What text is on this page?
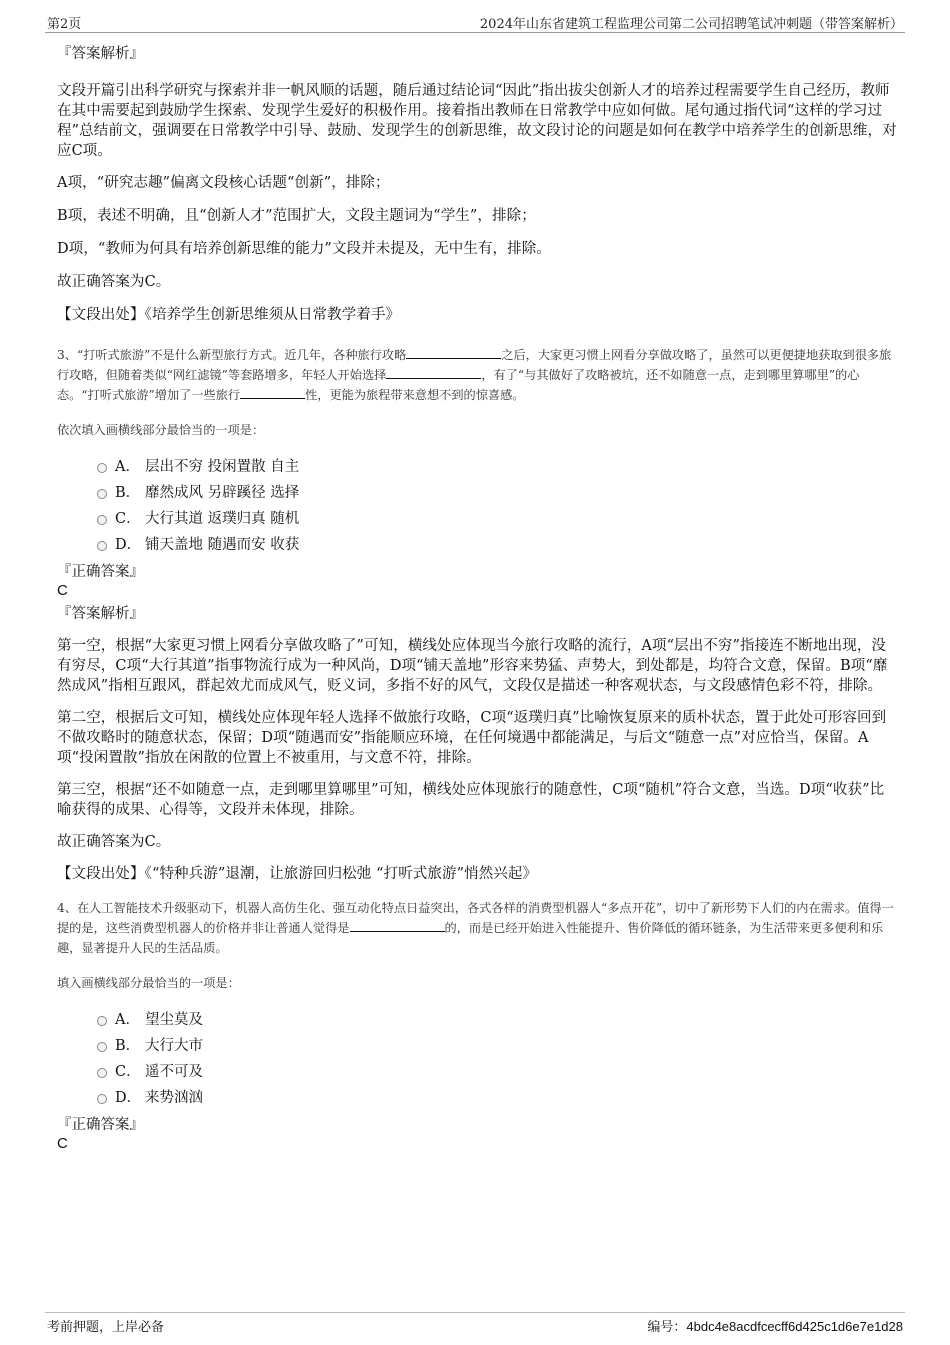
第2页	2024年山东省建筑工程监理公司第二公司招聘笔试冲刺题（带答案解析）

『答案解析』

文段开篇引出科学研究与探索并非一帆风顺的话题，随后通过结论词“因此”指出拔尖创新人才的培养过程需要学生自己经历，教师在其中需要起到鼓励学生探索、发现学生爱好的积极作用。接着指出教师在日常教学中应如何做。尾句通过指代词“这样的学习过程”总结前文，强调要在日常教学中引导、鼓励、发现学生的创新思维，故文段讨论的问题是如何在教学中培养学生的创新思维，对应C项。

A项，“研究志趣”偏离文段核心话题“创新”，排除；

B项，表述不明确，且“创新人才”范围扩大，文段主题词为“学生”，排除；

D项，“教师为何具有培养创新思维的能力”文段并未提及，无中生有，排除。

故正确答案为C。

【文段出处】《培养学生创新思维须从日常教学着手》

3、“打听式旅游”不是什么新型旅行方式。近几年，各种旅行攻略	之后，大家更习惯上网看分享做攻略了，虽然可以更便捷地获取到很多旅行攻略，但随着类似“网红滤镜”等套路增多，年轻人开始选择	，有了“与其做好了攻略被坑，还不如随意一点，走到哪里算哪里”的心态。“打听式旅游”增加了一些旅行	性，更能为旅程带来意想不到的惊喜感。

依次填入画横线部分最恰当的一项是：

A． 层出不穷 投闲置散 自主
B． 靡然成风 另辟蹊径 选择
C． 大行其道 返璞归真 随机
D． 铺天盖地 随遇而安 收获

『正确答案』

C

『答案解析』

第一空，根据“大家更习惯上网看分享做攻略了”可知，横线处应体现当今旅行攻略的流行，A项“层出不穷”指接连不断地出现，没有穷尽，C项“大行其道”指事物流行成为一种风尚，D项“铺天盖地”形容来势猛、声势大，到处都是，均符合文意，保留。B项“靡然成风”指相互跟风，群起效尤而成风气，贬义词，多指不好的风气，文段仅是描述一种客观状态，与文段感情色彩不符，排除。

第二空，根据后文可知，横线处应体现年轻人选择不做旅行攻略，C项“返璞归真”比喻恢复原来的质朴状态，置于此处可形容回到不做攻略时的随意状态，保留；D项“随遇而安”指能顺应环境，在任何境遇中都能满足，与后文“随意一点”对应恰当，保留。A项“投闲置散”指放在闲散的位置上不被重用，与文意不符，排除。

第三空，根据“还不如随意一点，走到哪里算哪里”可知，横线处应体现旅行的随意性，C项“随机”符合文意，当选。D项“收获”比喻获得的成果、心得等，文段并未体现，排除。

故正确答案为C。

【文段出处】《“特种兵游”退潮，让旅游回归松弛 “打听式旅游”悄然兴起》

4、在人工智能技术升级驱动下，机器人高仿生化、强互动化特点日益突出，各式各样的消费型机器人“多点开花”，切中了新形势下人们的内在需求。值得一提的是，这些消费型机器人的价格并非让普通人觉得是	的，而是已经开始进入性能提升、售价降低的循环链条，为生活带来更多便利和乐趣，显著提升人民的生活品质。

填入画横线部分最恰当的一项是：

A． 望尘莫及
B． 大行大市
C． 遥不可及
D． 来势汹汹

『正确答案』

C

考前押题，上岸必备	编号：4bdc4e8acdfcecff6d425c1d6e7e1d28
